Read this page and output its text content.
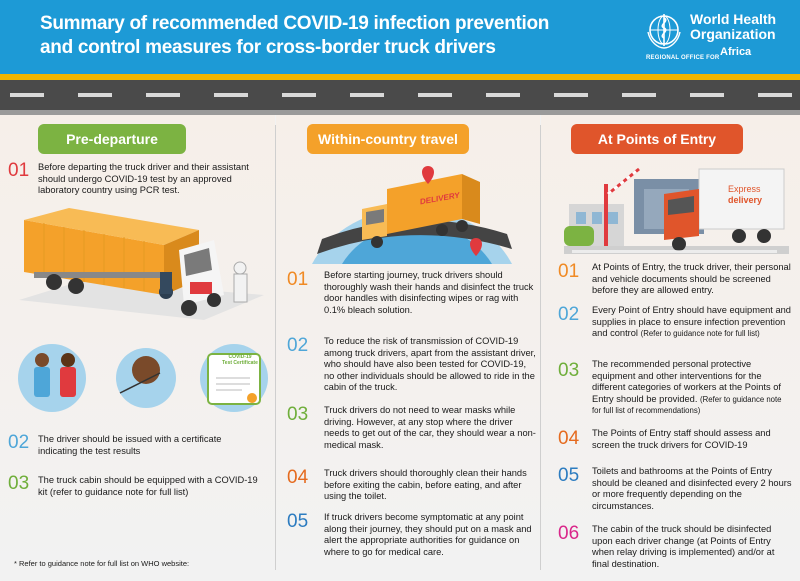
Summary of recommended COVID-19 infection prevention
and control measures for cross-border truck drivers
World Health
Organization
REGIONAL OFFICE FOR Africa
Pre-departure
01 Before departing the truck driver and their assistant should undergo COVID-19 test by an approved laboratory country using PCR test.
COVID-19
Test Certificate
02 The driver should be issued with a certificate indicating the test results
03 The truck cabin should be equipped with a COVID-19 kit (refer to guidance note for full list)
* Refer to guidance note for full list on WHO website:
Within-country travel
DELIVERY
01 Before starting journey, truck drivers should thoroughly wash their hands and disinfect the truck door handles with disinfecting wipes or rag with 0.1% bleach solution.
02 To reduce the risk of transmission of COVID-19 among truck drivers, apart from the assistant driver, who should have also been tested for COVID-19, no other individuals should be allowed to ride in the cabin of the truck.
03 Truck drivers do not need to wear masks while driving. However, at any stop where the driver needs to get out of the car, they should wear a non-medical mask.
04 Truck drivers should thoroughly clean their hands before exiting the cabin, before eating, and after using the toilet.
05 If truck drivers become symptomatic at any point along their journey, they should put on a mask and alert the appropriate authorities for guidance on where to go for medical care.
At Points of Entry
Express
delivery
01 At Points of Entry, the truck driver, their personal and vehicle documents should be screened before they are allowed entry.
02 Every Point of Entry should have equipment and supplies in place to ensure infection prevention and control (Refer to guidance note for full list)
03 The recommended personal protective equipment and other interventions for the different categories of workers at the Points of Entry should be provided. (Refer to guidance note for full list of recommendations)
04 The Points of Entry staff should assess and screen the truck drivers for COVID-19
05 Toilets and bathrooms at the Points of Entry should be cleaned and disinfected every 2 hours or more frequently depending on the circumstances.
06 The cabin of the truck should be disinfected upon each driver change (at Points of Entry when relay driving is implemented) and/or at final destination.
